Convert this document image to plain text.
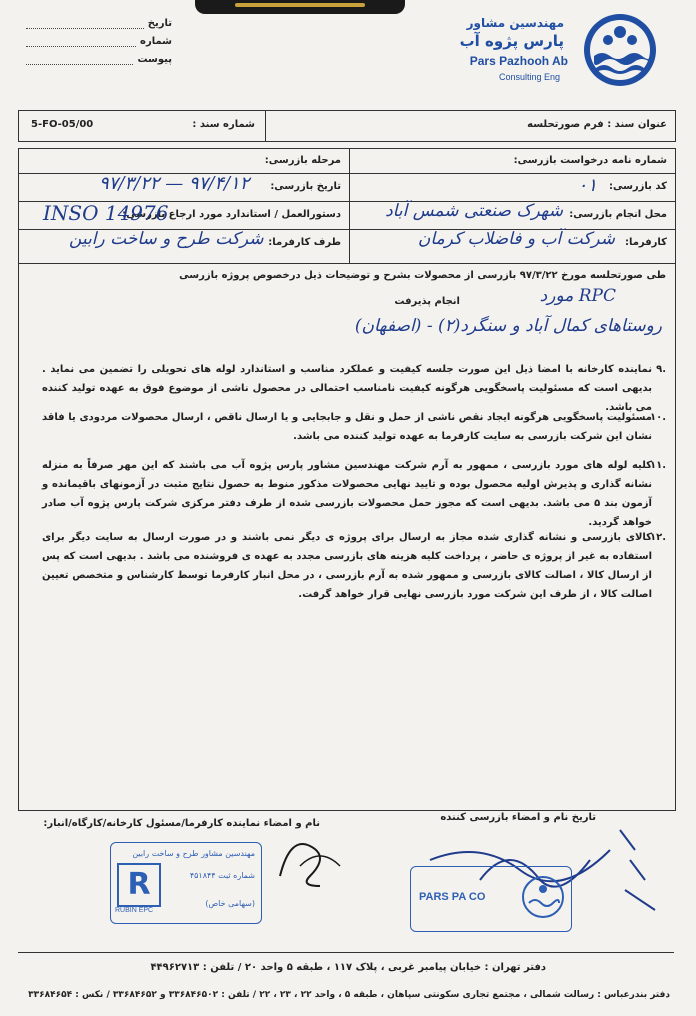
مهندسین مشاور
پارس پژوه آب
Pars Pazhooh Ab
Consulting Eng
تاریخ
شماره
پیوست
عنوان سند : فرم صورتحلسه
شماره سند :
5-FO-05/00
شماره نامه درخواست بازرسی:
مرحله بازرسی:
کد بازرسی:
۰۱
تاریخ بازرسی:
۹۷/۳/۲۲ — ۹۷/۴/۱۲
محل انجام بازرسی:
شهرک صنعتی شمس آباد
دستورالعمل / استاندارد مورد ارجاع بازرسی:
INSO 14976
کارفرما:
شرکت آب و فاضلاب کرمان
طرف کارفرما:
شرکت طرح و ساخت رابین
طی صورتحلسه مورخ ۹۷/۳/۲۲ بازرسی از محصولات بشرح و توضیحات ذیل درخصوص پروژه بازرسی
مورد RPC
انجام پذیرفت
(اصفهان) - روستاهای کمال آباد و سنگرد(۲)
۹.
نماینده کارخانه با امضا ذیل این صورت جلسه کیفیت و عملکرد مناسب و استاندارد لوله های تحویلی را تضمین می نماید . بدیهی است که مسئولیت پاسخگویی هرگونه کیفیت نامناسب احتمالی در محصول ناشی از موضوع فوق به عهده تولید کننده می باشد.
۱۰.
مسئولیت پاسخگویی هرگونه ایجاد نقص ناشی از حمل و نقل و جابجایی و یا ارسال ناقص ، ارسال محصولات مردودی یا فاقد نشان این شرکت بازرسی به سایت کارفرما به عهده تولید کننده می باشد.
۱۱.
کلیه لوله های مورد بازرسی ، ممهور به آرم شرکت مهندسین مشاور پارس پژوه آب می باشند که این مهر صرفاً به منزله نشانه گذاری و پذیرش اولیه محصول بوده و تایید نهایی محصولات مذکور منوط به حصول نتایج مثبت در آزمونهای باقیمانده و آزمون بند ۵ می باشد. بدیهی است که مجوز حمل محصولات بازرسی شده از طرف دفتر مرکزی شرکت پارس پژوه آب صادر خواهد گردید.
۱۲.
کالای بازرسی و نشانه گذاری شده مجاز به ارسال برای پروژه ی دیگر نمی باشند و در صورت ارسال به سایت دیگر برای استفاده به غیر از پروژه ی حاضر ، پرداخت کلیه هزینه های بازرسی مجدد به عهده ی فروشنده می باشد . بدیهی است که پس از ارسال کالا ، اصالت کالای بازرسی و ممهور شده به آرم بازرسی ، در محل انبار کارفرما توسط کارشناس و متخصص تعیین اصالت کالا ، از طرف این شرکت مورد بازرسی نهایی قرار خواهد گرفت.
تاریخ نام و امضاء بازرسی کننده
نام و امضاء نماینده کارفرما/مسئول کارخانه/کارگاه/انبار:
R
RUBIN EPC
مهندسین مشاور طرح و ساخت رابین
شماره ثبت ۴۵۱۸۴۴
(سهامی خاص)
PARS PA CO
دفتر تهران : خیابان پیامبر غربی ، پلاک ۱۱۷ ، طبقه ۵ واحد ۲۰ / تلفن : ۴۴۹۶۲۷۱۳
دفتر بندرعباس : رسالت شمالی ، مجتمع تجاری سکونتی سپاهان ، طبقه ۵ ، واحد ۲۲ ، ۲۳ ، ۲۲ / تلفن : ۳۳۶۸۴۶۵۰۲ و ۳۳۶۸۴۶۵۲ / نکس : ۳۳۶۸۴۶۵۴
